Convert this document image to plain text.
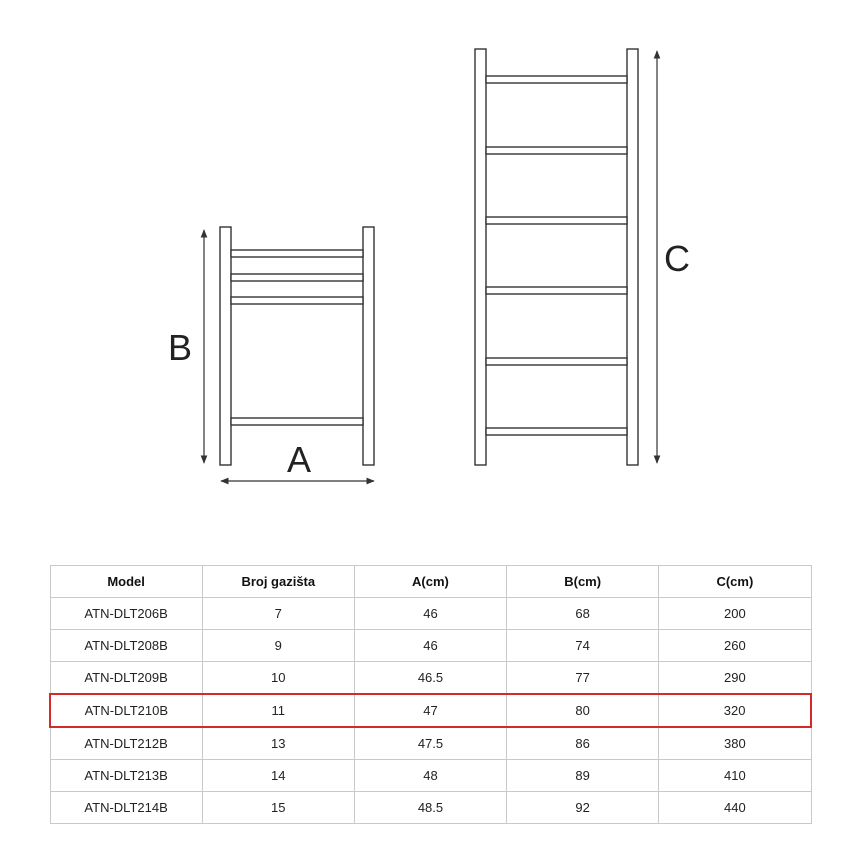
B
A
C
Model	Broj gazišta	A(cm)	B(cm)	C(cm)
ATN-DLT206B	7	46	68	200
ATN-DLT208B	9	46	74	260
ATN-DLT209B	10	46.5	77	290
ATN-DLT210B	11	47	80	320
ATN-DLT212B	13	47.5	86	380
ATN-DLT213B	14	48	89	410
ATN-DLT214B	15	48.5	92	440
